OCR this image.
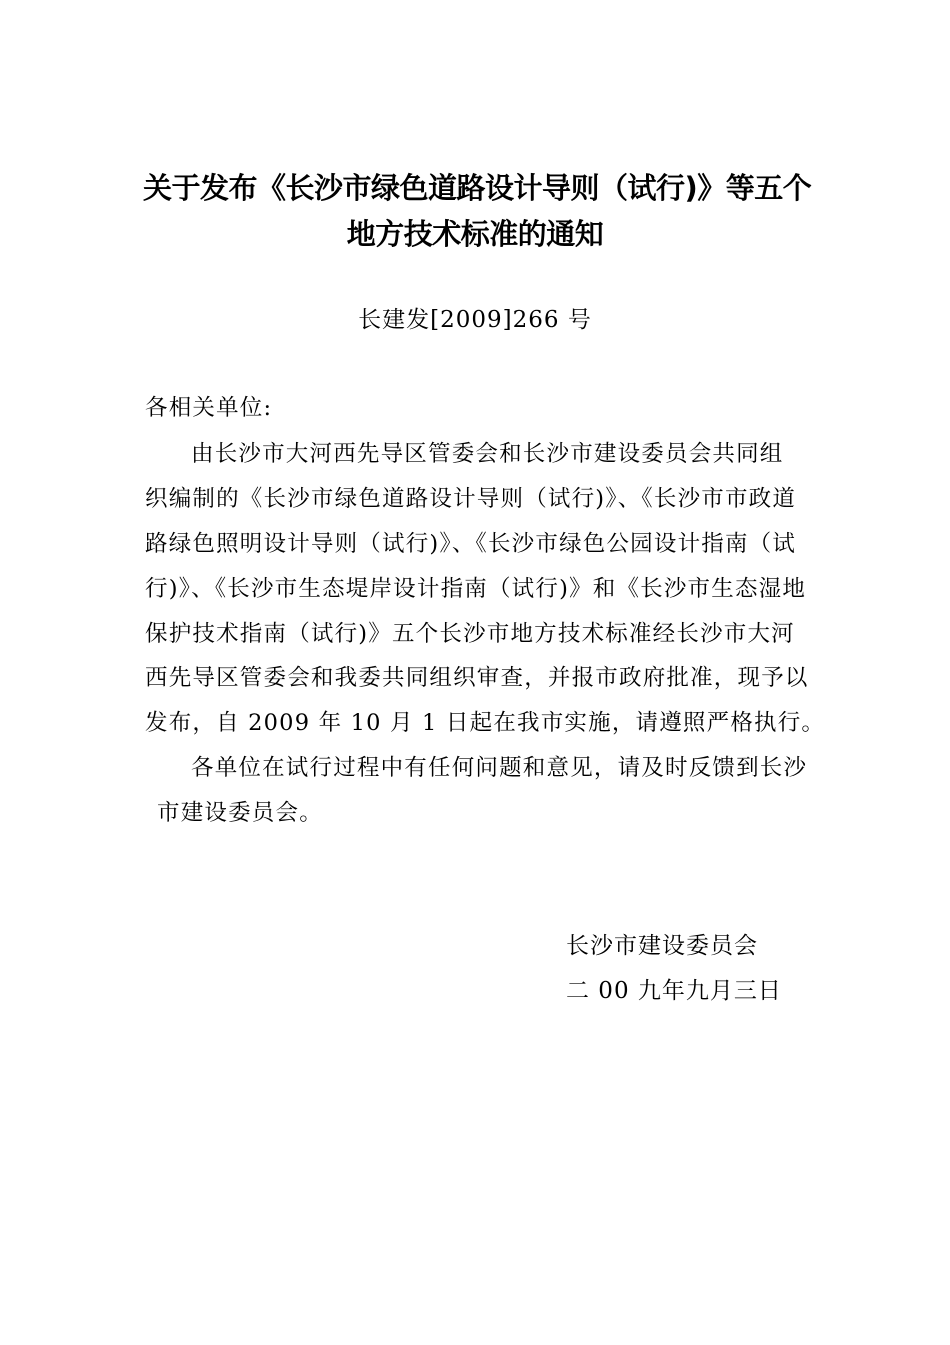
关于发布《长沙市绿色道路设计导则（试行)》等五个
地方技术标准的通知
长建发[2009]266 号
各相关单位:
由长沙市大河西先导区管委会和长沙市建设委员会共同组
织编制的《长沙市绿色道路设计导则（试行)》、《长沙市市政道
路绿色照明设计导则（试行)》、《长沙市绿色公园设计指南（试
行)》、《长沙市生态堤岸设计指南（试行)》和《长沙市生态湿地
保护技术指南（试行)》五个长沙市地方技术标准经长沙市大河
西先导区管委会和我委共同组织审查，并报市政府批准，现予以
发布，自 2009 年 10 月 1 日起在我市实施，请遵照严格执行。
各单位在试行过程中有任何问题和意见，请及时反馈到长沙
市建设委员会。
长沙市建设委员会
二 00 九年九月三日
